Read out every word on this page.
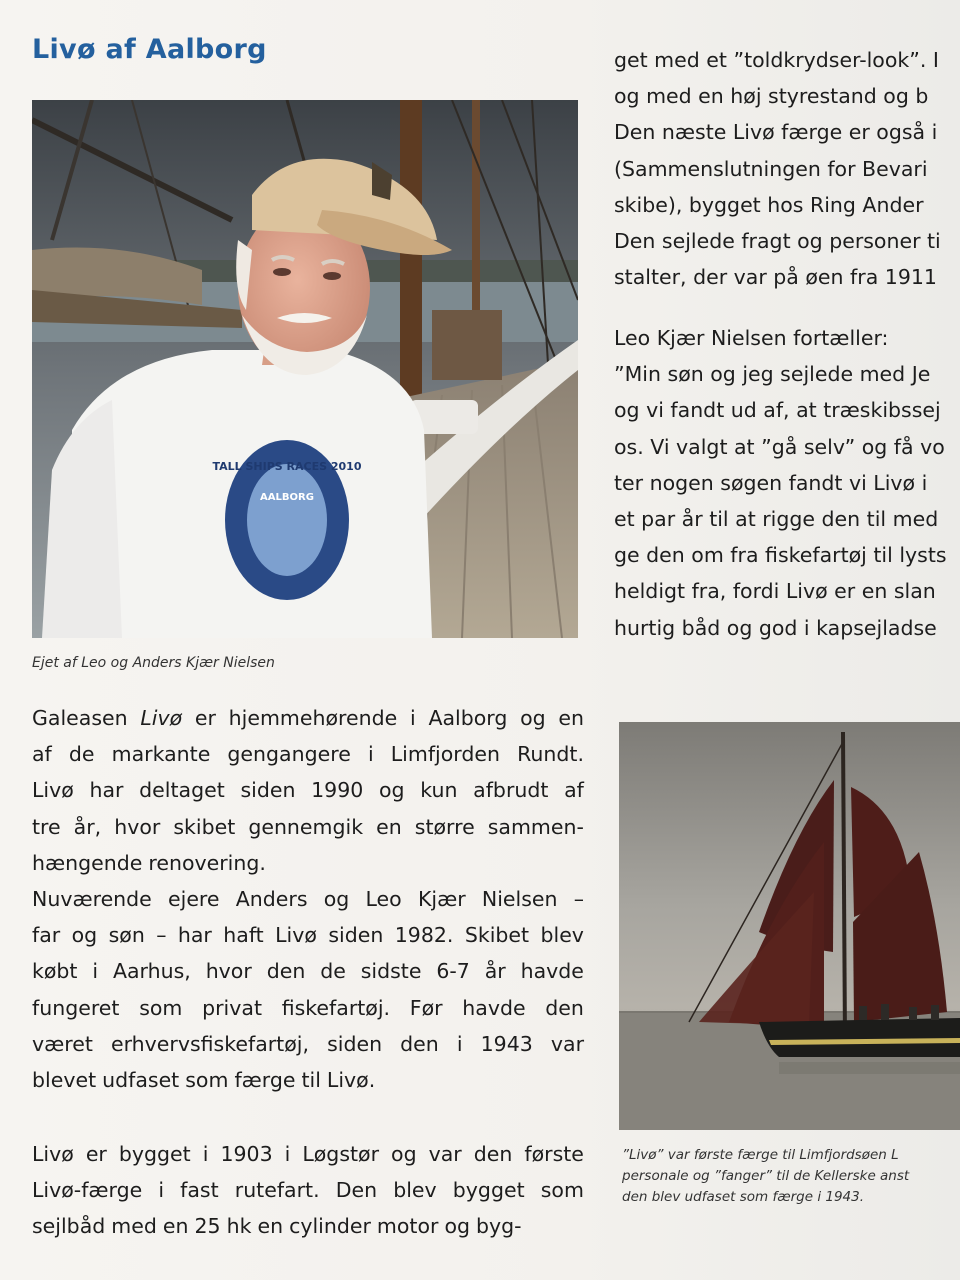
Livø af Aalborg
TALL SHIPS RACES 2010
AALBORG
Ejet af Leo og Anders Kjær Nielsen
Galeasen Livø er hjemmehørende i Aalborg og en
af de markante gengangere i Limfjorden Rundt.
Livø har deltaget siden 1990 og kun afbrudt af
tre år, hvor skibet gennemgik en større sammen-
hængende renovering.
Nuværende ejere Anders og Leo Kjær Nielsen –
far og søn – har haft Livø siden 1982. Skibet blev
købt i Aarhus, hvor den de sidste 6-7 år havde
fungeret som privat fiskefartøj. Før havde den
været erhvervsfiskefartøj, siden den i 1943 var
blevet udfaset som færge til Livø.
Livø er bygget i 1903 i Løgstør og var den første
Livø-færge i fast rutefart. Den blev bygget som
sejlbåd med en 25 hk en cylinder motor og byg-
get med et ”toldkrydser-look”. I
og med en høj styrestand og b
Den næste Livø færge er også i
(Sammenslutningen for Bevari
skibe), bygget hos Ring Ander
Den sejlede fragt og personer ti
stalter, der var på øen fra 1911
Leo Kjær Nielsen fortæller:
”Min søn og jeg sejlede med Je
og vi fandt ud af, at træskibssej
os. Vi valgt at ”gå selv” og få vo
ter nogen søgen fandt vi Livø i
et par år til at rigge den til med
ge den om fra fiskefartøj til lysts
heldigt fra, fordi Livø er en slan
hurtig båd og god i kapsejladse
”Livø” var første færge til Limfjordsøen L
personale og ”fanger” til de Kellerske anst
den blev udfaset som færge i 1943.
